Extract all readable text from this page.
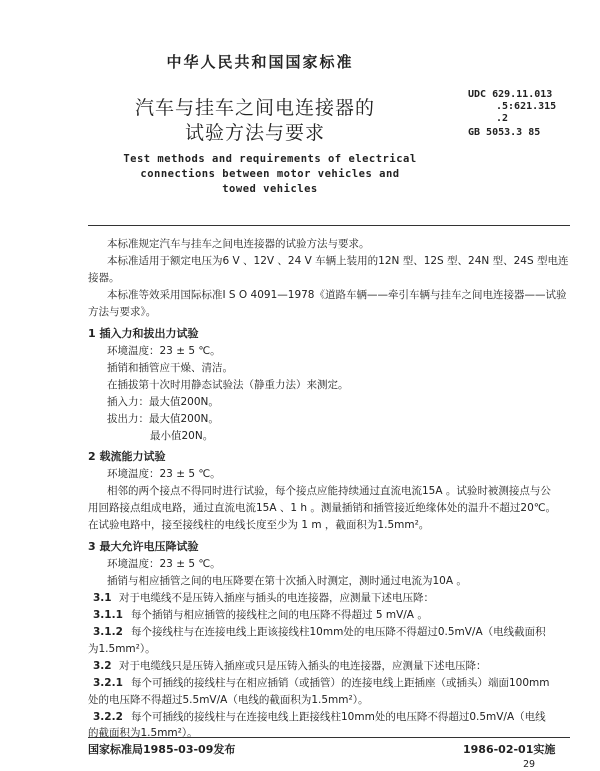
中华人民共和国国家标准
汽车与挂车之间电连接器的
试验方法与要求
UDC 629.11.013
.5:621.315
.2
GB 5053.3 85
Test methods and requirements of electrical
connections between motor vehicles and
towed vehicles
本标准规定汽车与挂车之间电连接器的试验方法与要求。
本标准适用于额定电压为6 V 、12V 、24 V 车辆上装用的12N 型、12S 型、24N 型、24S 型电连
接器。
本标准等效采用国际标准I S O 4091—1978《道路车辆——牵引车辆与挂车之间电连接器——试验
方法与要求》。
1 插入力和拔出力试验
环境温度：23 ± 5 ℃。
插销和插管应干燥、清洁。
在插拔第十次时用静态试验法（静重力法）来测定。
插入力：最大值200N。
拔出力：最大值200N。
最小值20N。
2 载流能力试验
环境温度：23 ± 5 ℃。
相邻的两个接点不得同时进行试验，每个接点应能持续通过直流电流15A 。试验时被测接点与公
用回路接点组成电路，通过直流电流15A 、1 h 。测量插销和插管接近绝缘体处的温升不超过20℃。
在试验电路中，接至接线柱的电线长度至少为 1 m ，截面积为1.5mm²。
3 最大允许电压降试验
环境温度：23 ± 5 ℃。
插销与相应插管之间的电压降要在第十次插入时测定，测时通过电流为10A 。
3.1 对于电缆线不是压铸入插座与插头的电连接器，应测量下述电压降：
3.1.1 每个插销与相应插管的接线柱之间的电压降不得超过 5 mV/A 。
3.1.2 每个接线柱与在连接电线上距该接线柱10mm处的电压降不得超过0.5mV/A（电线截面积
为1.5mm²）。
3.2 对于电缆线只是压铸入插座或只是压铸入插头的电连接器，应测量下述电压降：
3.2.1 每个可插线的接线柱与在相应插销（或插管）的连接电线上距插座（或插头）端面100mm
处的电压降不得超过5.5mV/A（电线的截面积为1.5mm²）。
3.2.2 每个可插线的接线柱与在连接电线上距接线柱10mm处的电压降不得超过0.5mV/A（电线
的截面积为1.5mm²）。
国家标准局1985-03-09发布	1986-02-01实施
29
